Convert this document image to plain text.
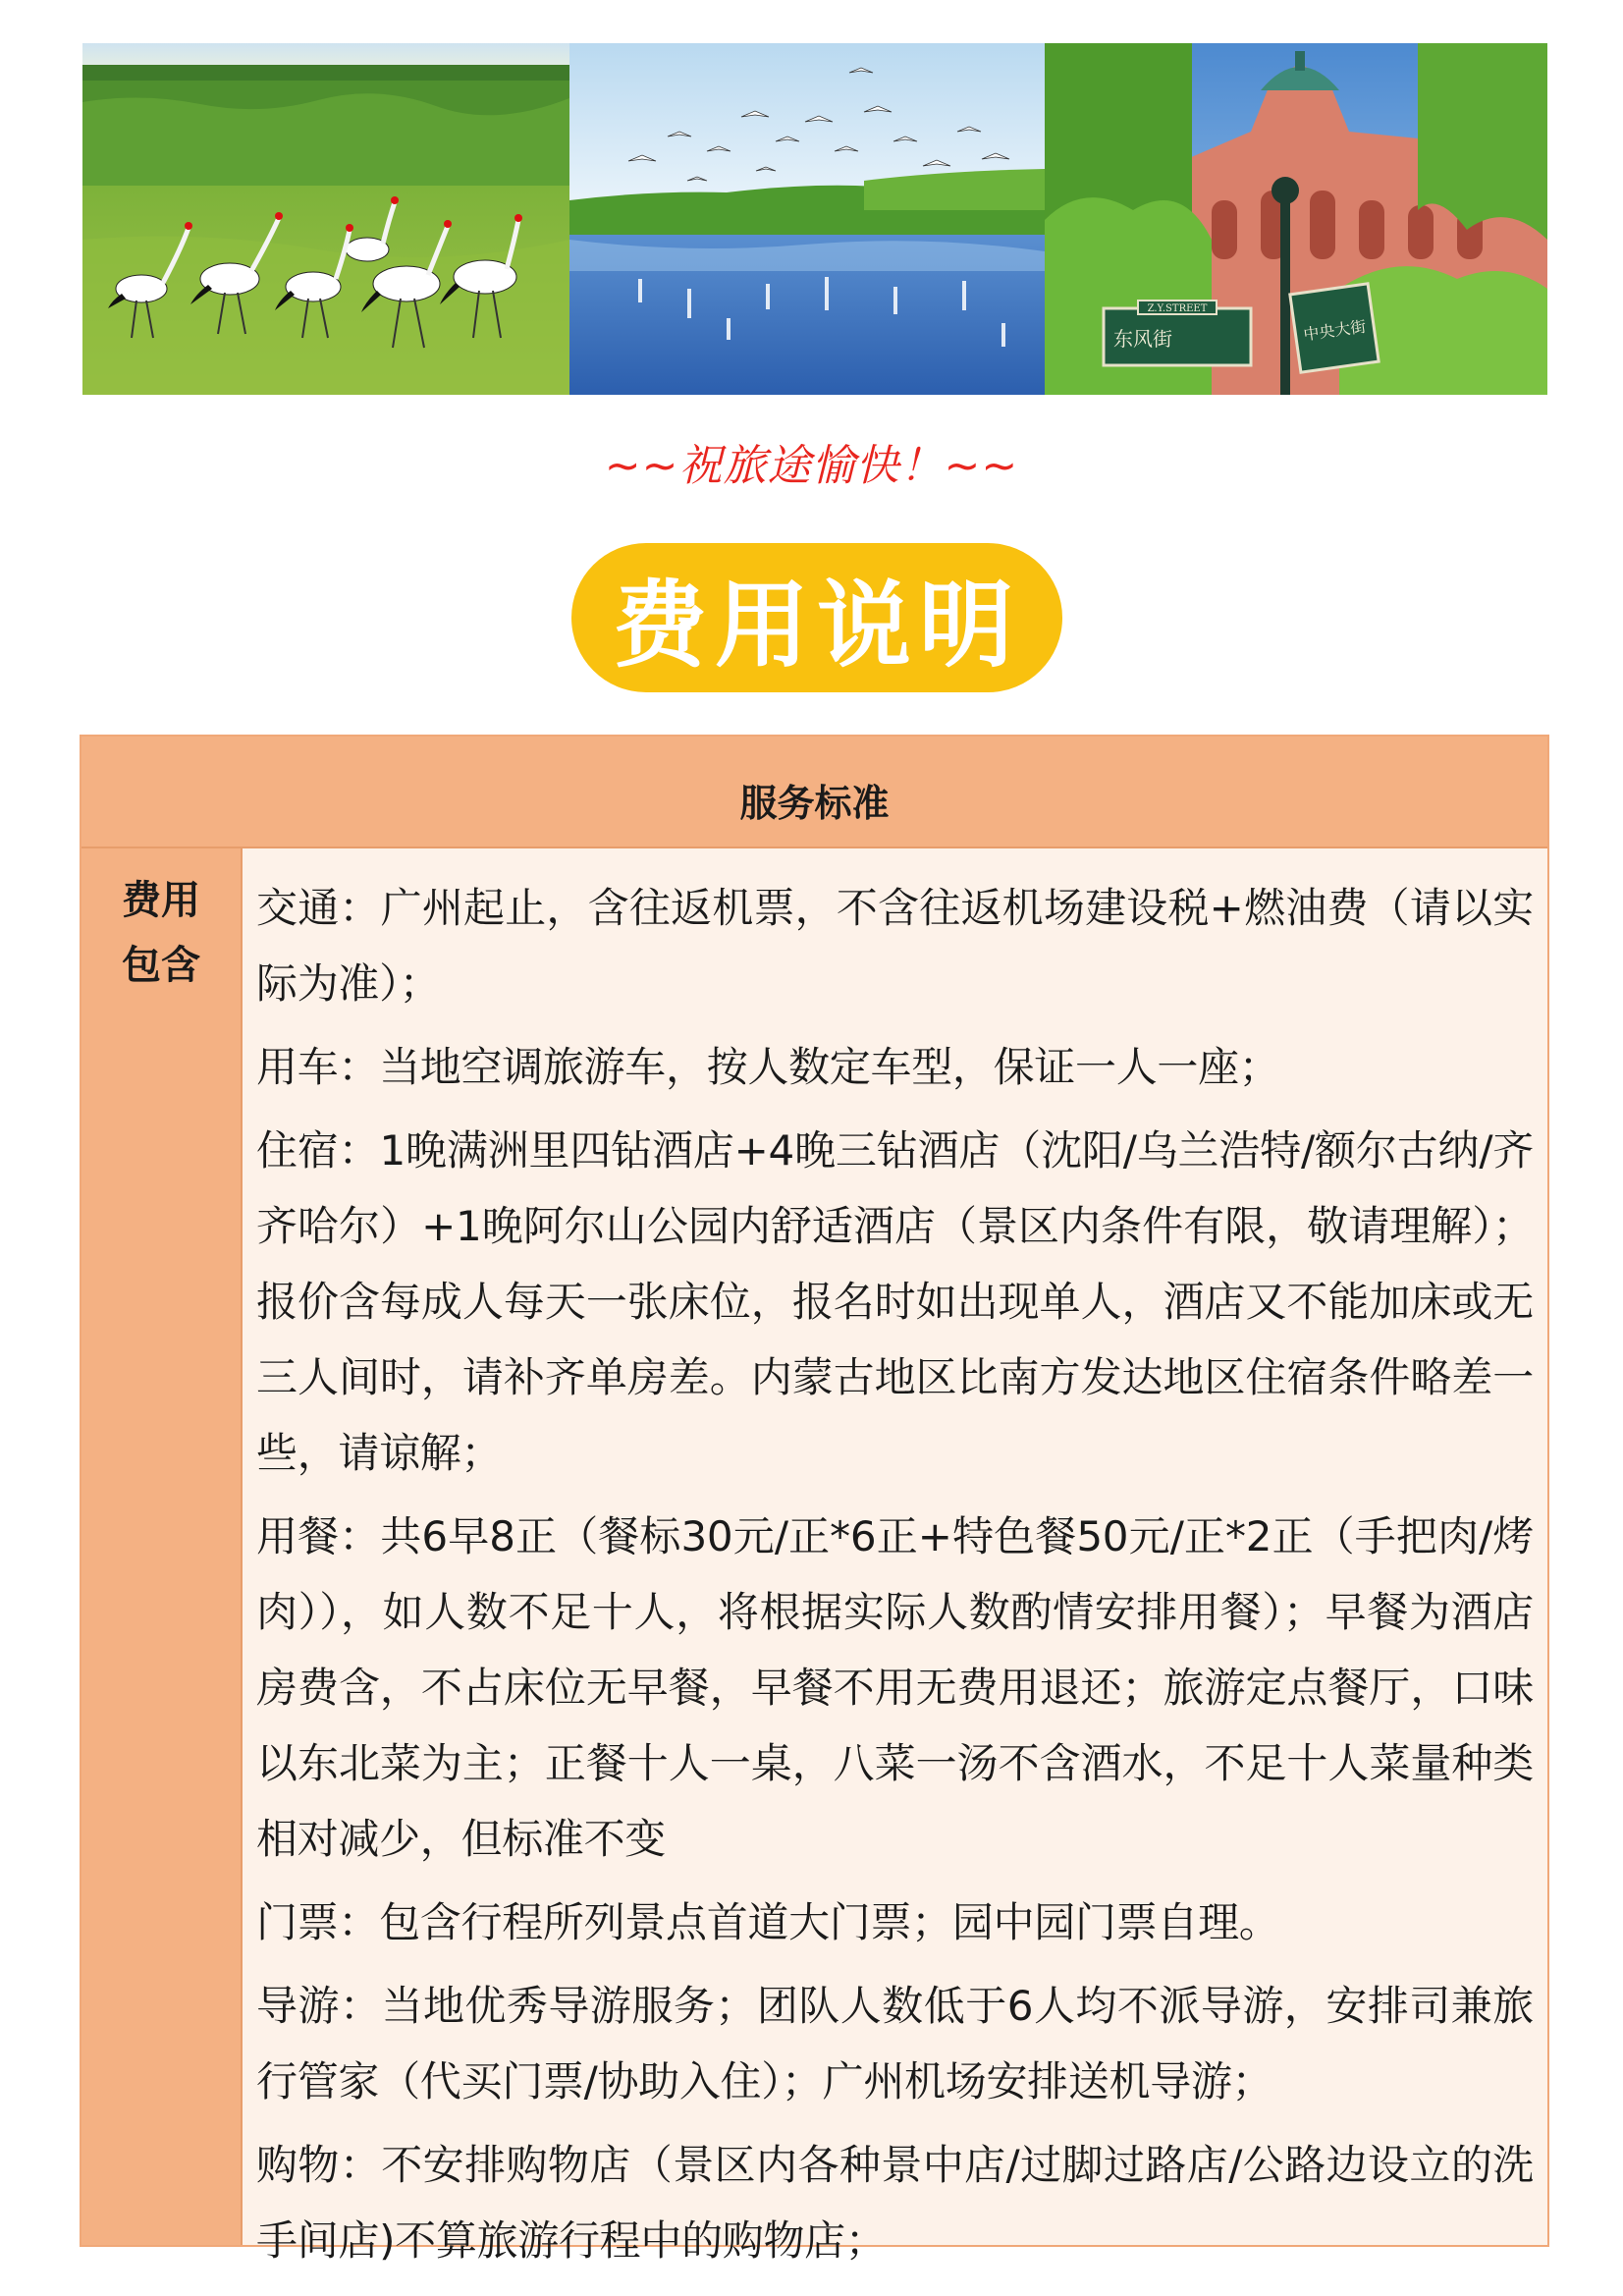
Z.Y.STREET
东风街	中央大街
~~祝旅途愉快！~~
费用说明
服务标准
费用
包含
交通：广州起止，含往返机票，不含往返机场建设税+燃油费（请以实际为准）；
用车：当地空调旅游车，按人数定车型，保证一人一座；
住宿：1晚满洲里四钻酒店+4晚三钻酒店（沈阳/乌兰浩特/额尔古纳/齐齐哈尔）+1晚阿尔山公园内舒适酒店（景区内条件有限，敬请理解）；报价含每成人每天一张床位，报名时如出现单人，酒店又不能加床或无三人间时，请补齐单房差。内蒙古地区比南方发达地区住宿条件略差一些，请谅解；
用餐：共6早8正（餐标30元/正*6正+特色餐50元/正*2正（手把肉/烤肉）），如人数不足十人，将根据实际人数酌情安排用餐）；早餐为酒店房费含，不占床位无早餐，早餐不用无费用退还；旅游定点餐厅，口味以东北菜为主；正餐十人一桌，八菜一汤不含酒水，不足十人菜量种类相对减少，但标准不变
门票：包含行程所列景点首道大门票；园中园门票自理。
导游：当地优秀导游服务；团队人数低于6人均不派导游，安排司兼旅行管家（代买门票/协助入住）；广州机场安排送机导游；
购物：不安排购物店（景区内各种景中店/过脚过路店/公路边设立的洗手间店)不算旅游行程中的购物店；
